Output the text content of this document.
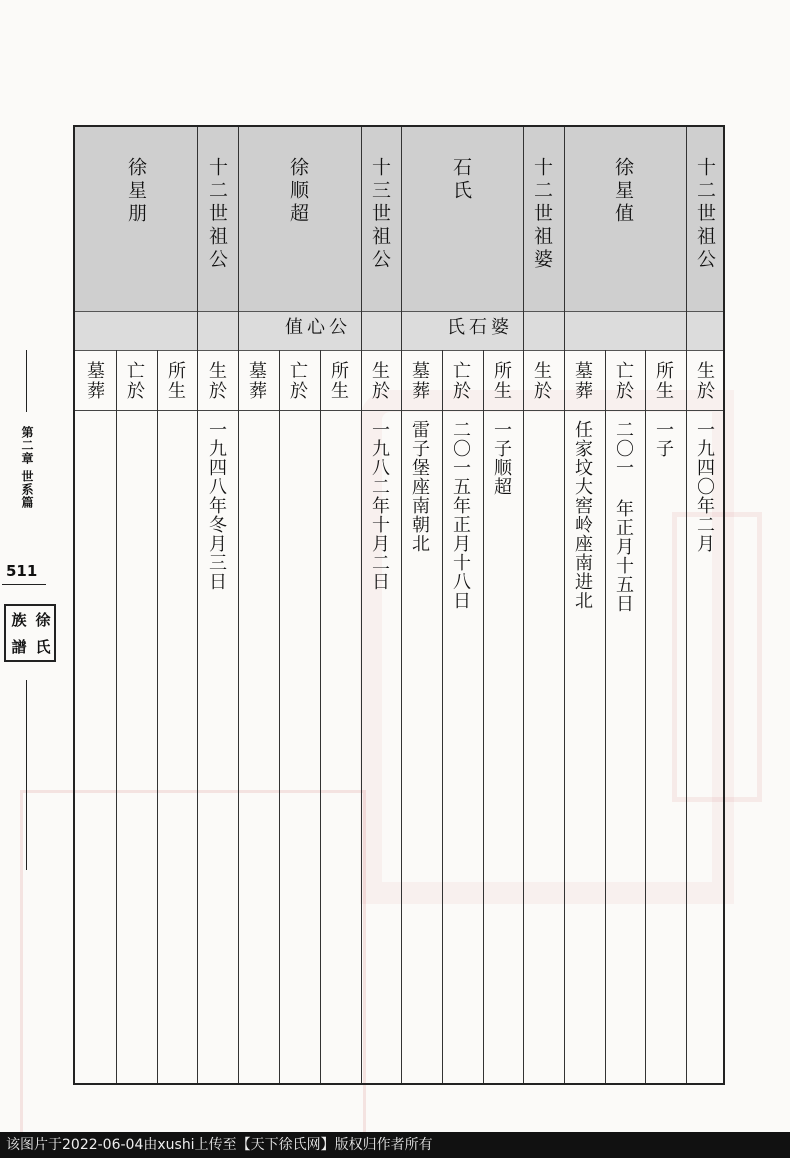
第二章 世系篇
511
徐
氏
族
譜
十二世祖公
徐星值
生於
所生
亡於
墓葬
一九四〇年二月
一子
二〇一 年正月十五日
任家坟大窖岭座南进北
十二世祖婆
石氏
氏石婆
生於
所生
亡於
墓葬
一子顺超
二〇一五年正月十八日
雷子堡座南朝北
十三世祖公
徐顺超
值心公
生於
所生
亡於
墓葬
一九八二年十月二日
十二世祖公
徐星朋
生於
所生
亡於
墓葬
一九四八年冬月三日
该图片于2022-06-04由xushi上传至【天下徐氏网】版权归作者所有
